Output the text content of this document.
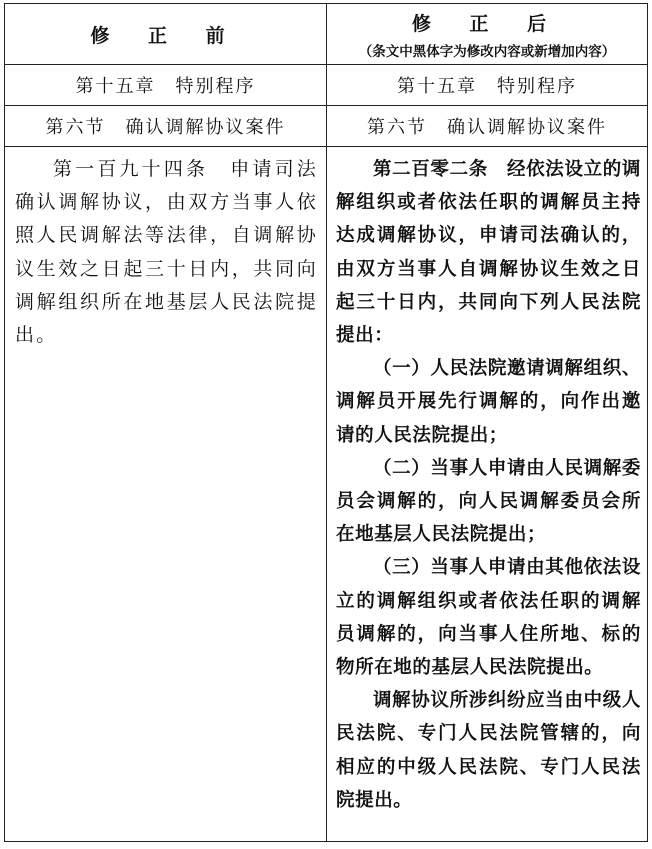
修 正 前
修 正 后
（条文中黑体字为修改内容或新增加内容）
第十五章　特别程序	第十五章　特别程序
第六节　确认调解协议案件	第六节　确认调解协议案件

第一百九十四条　申请司法确认调解协议，由双方当事人依照人民调解法等法律，自调解协议生效之日起三十日内，共同向调解组织所在地基层人民法院提出。

第二百零二条　经依法设立的调解组织或者依法任职的调解员主持达成调解协议，申请司法确认的，由双方当事人自调解协议生效之日起三十日内，共同向下列人民法院提出：

（一）人民法院邀请调解组织、调解员开展先行调解的，向作出邀请的人民法院提出；

（二）当事人申请由人民调解委员会调解的，向人民调解委员会所在地基层人民法院提出；

（三）当事人申请由其他依法设立的调解组织或者依法任职的调解员调解的，向当事人住所地、标的物所在地的基层人民法院提出。

调解协议所涉纠纷应当由中级人民法院、专门人民法院管辖的，向相应的中级人民法院、专门人民法院提出。
